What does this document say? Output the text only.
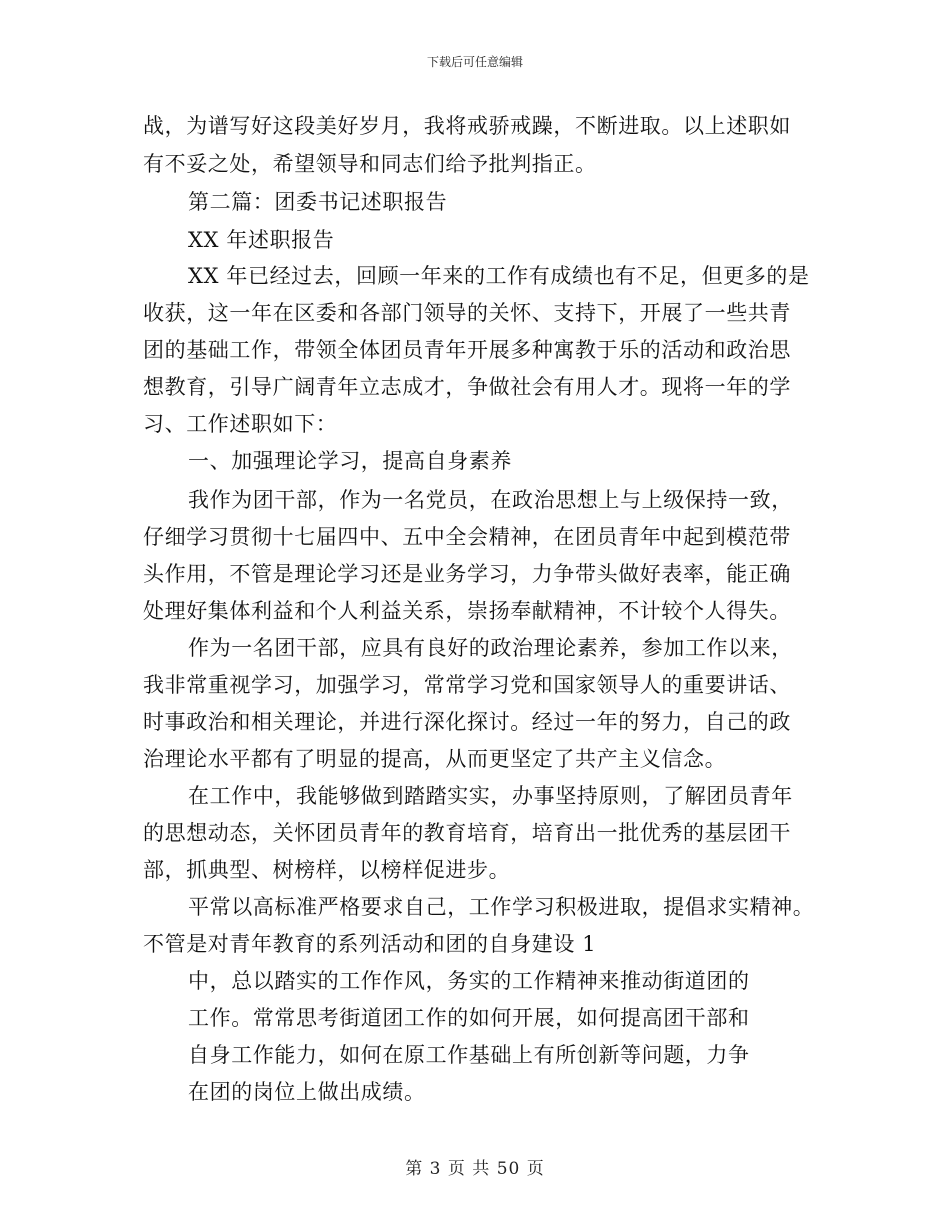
下载后可任意编辑
战，为谱写好这段美好岁月，我将戒骄戒躁，不断进取。以上述职如
有不妥之处，希望领导和同志们给予批判指正。
第二篇：团委书记述职报告
XX 年述职报告
XX 年已经过去，回顾一年来的工作有成绩也有不足，但更多的是
收获，这一年在区委和各部门领导的关怀、支持下，开展了一些共青
团的基础工作，带领全体团员青年开展多种寓教于乐的活动和政治思
想教育，引导广阔青年立志成才，争做社会有用人才。现将一年的学
习、工作述职如下：
一、加强理论学习，提高自身素养
我作为团干部，作为一名党员，在政治思想上与上级保持一致，
仔细学习贯彻十七届四中、五中全会精神，在团员青年中起到模范带
头作用，不管是理论学习还是业务学习，力争带头做好表率，能正确
处理好集体利益和个人利益关系，崇扬奉献精神，不计较个人得失。
作为一名团干部，应具有良好的政治理论素养，参加工作以来，
我非常重视学习，加强学习，常常学习党和国家领导人的重要讲话、
时事政治和相关理论，并进行深化探讨。经过一年的努力，自己的政
治理论水平都有了明显的提高，从而更坚定了共产主义信念。
在工作中，我能够做到踏踏实实，办事坚持原则，了解团员青年
的思想动态，关怀团员青年的教育培育，培育出一批优秀的基层团干
部，抓典型、树榜样，以榜样促进步。
平常以高标准严格要求自己，工作学习积极进取，提倡求实精神。
不管是对青年教育的系列活动和团的自身建设 1
中，总以踏实的工作作风，务实的工作精神来推动街道团的
工作。常常思考街道团工作的如何开展，如何提高团干部和
自身工作能力，如何在原工作基础上有所创新等问题，力争
在团的岗位上做出成绩。
第 3 页 共 50 页
